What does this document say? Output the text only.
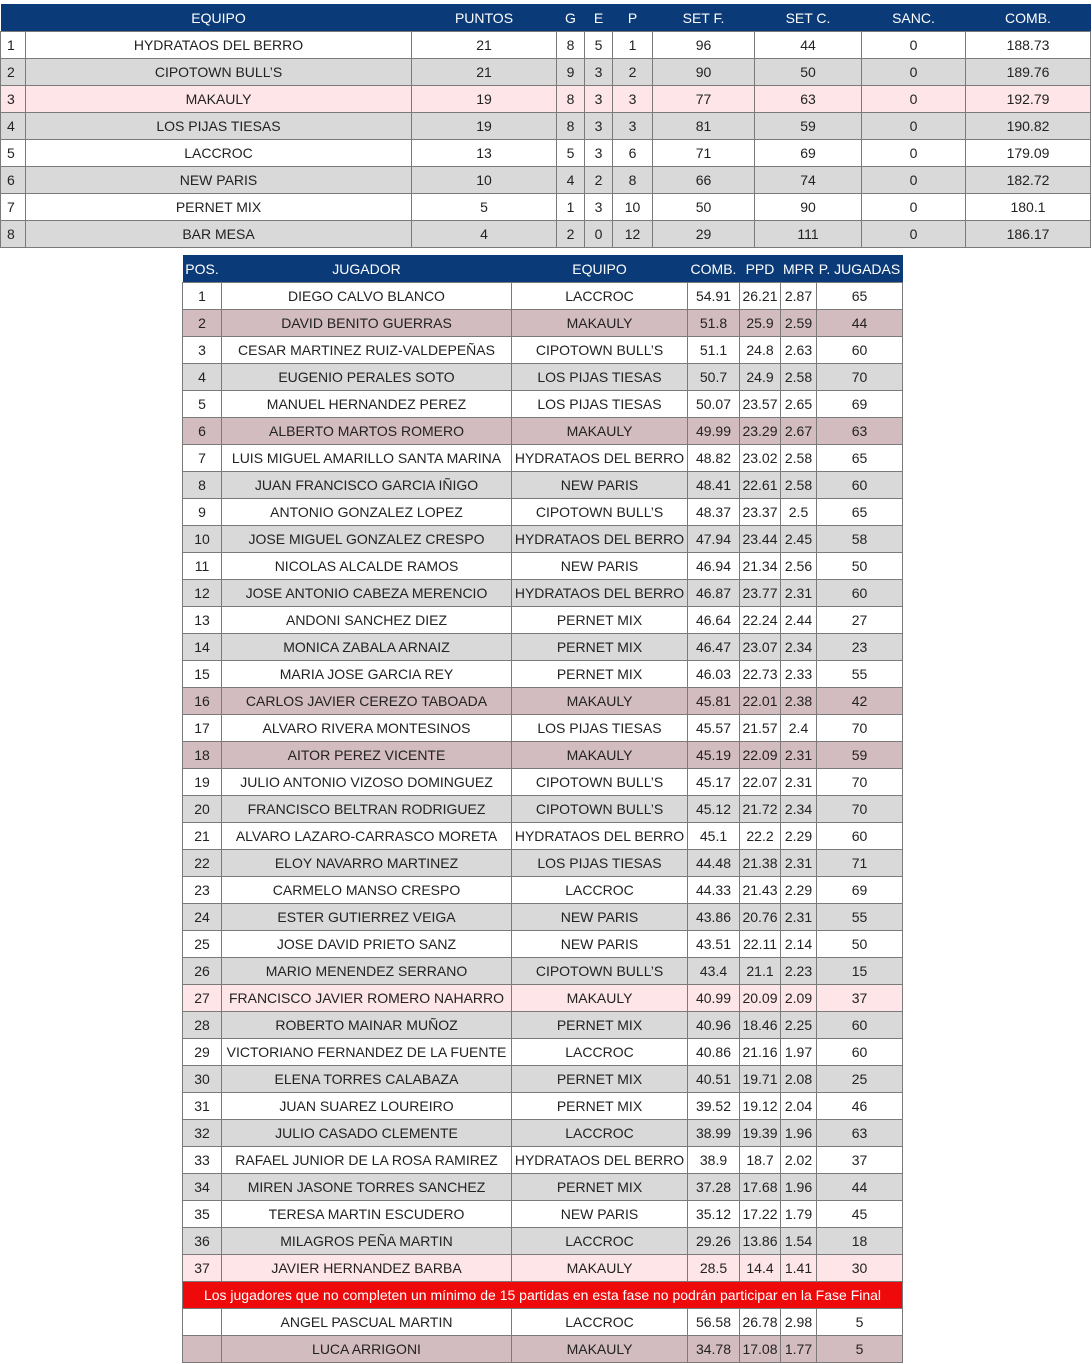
	EQUIPO	PUNTOS	G	E	P	SET F.	SET C.	SANC.	COMB.
1	HYDRATAOS DEL BERRO	21	8	5	1	96	44	0	188.73
2	CIPOTOWN BULL’S	21	9	3	2	90	50	0	189.76
3	MAKAULY	19	8	3	3	77	63	0	192.79
4	LOS PIJAS TIESAS	19	8	3	3	81	59	0	190.82
5	LACCROC	13	5	3	6	71	69	0	179.09
6	NEW PARIS	10	4	2	8	66	74	0	182.72
7	PERNET MIX	5	1	3	10	50	90	0	180.1
8	BAR MESA	4	2	0	12	29	111	0	186.17
POS.	JUGADOR	EQUIPO	COMB.	PPD	MPR	P. JUGADAS
1	DIEGO CALVO BLANCO	LACCROC	54.91	26.21	2.87	65
2	DAVID BENITO GUERRAS	MAKAULY	51.8	25.9	2.59	44
3	CESAR MARTINEZ RUIZ-VALDEPEÑAS	CIPOTOWN BULL’S	51.1	24.8	2.63	60
4	EUGENIO PERALES SOTO	LOS PIJAS TIESAS	50.7	24.9	2.58	70
5	MANUEL HERNANDEZ PEREZ	LOS PIJAS TIESAS	50.07	23.57	2.65	69
6	ALBERTO MARTOS ROMERO	MAKAULY	49.99	23.29	2.67	63
7	LUIS MIGUEL AMARILLO SANTA MARINA	HYDRATAOS DEL BERRO	48.82	23.02	2.58	65
8	JUAN FRANCISCO GARCIA IÑIGO	NEW PARIS	48.41	22.61	2.58	60
9	ANTONIO GONZALEZ LOPEZ	CIPOTOWN BULL’S	48.37	23.37	2.5	65
10	JOSE MIGUEL GONZALEZ CRESPO	HYDRATAOS DEL BERRO	47.94	23.44	2.45	58
11	NICOLAS ALCALDE RAMOS	NEW PARIS	46.94	21.34	2.56	50
12	JOSE ANTONIO CABEZA MERENCIO	HYDRATAOS DEL BERRO	46.87	23.77	2.31	60
13	ANDONI SANCHEZ DIEZ	PERNET MIX	46.64	22.24	2.44	27
14	MONICA ZABALA ARNAIZ	PERNET MIX	46.47	23.07	2.34	23
15	MARIA JOSE GARCIA REY	PERNET MIX	46.03	22.73	2.33	55
16	CARLOS JAVIER CEREZO TABOADA	MAKAULY	45.81	22.01	2.38	42
17	ALVARO RIVERA MONTESINOS	LOS PIJAS TIESAS	45.57	21.57	2.4	70
18	AITOR PEREZ VICENTE	MAKAULY	45.19	22.09	2.31	59
19	JULIO ANTONIO VIZOSO DOMINGUEZ	CIPOTOWN BULL’S	45.17	22.07	2.31	70
20	FRANCISCO BELTRAN RODRIGUEZ	CIPOTOWN BULL’S	45.12	21.72	2.34	70
21	ALVARO LAZARO-CARRASCO MORETA	HYDRATAOS DEL BERRO	45.1	22.2	2.29	60
22	ELOY NAVARRO MARTINEZ	LOS PIJAS TIESAS	44.48	21.38	2.31	71
23	CARMELO MANSO CRESPO	LACCROC	44.33	21.43	2.29	69
24	ESTER GUTIERREZ VEIGA	NEW PARIS	43.86	20.76	2.31	55
25	JOSE DAVID PRIETO SANZ	NEW PARIS	43.51	22.11	2.14	50
26	MARIO MENENDEZ SERRANO	CIPOTOWN BULL’S	43.4	21.1	2.23	15
27	FRANCISCO JAVIER ROMERO NAHARRO	MAKAULY	40.99	20.09	2.09	37
28	ROBERTO MAINAR MUÑOZ	PERNET MIX	40.96	18.46	2.25	60
29	VICTORIANO FERNANDEZ DE LA FUENTE	LACCROC	40.86	21.16	1.97	60
30	ELENA TORRES CALABAZA	PERNET MIX	40.51	19.71	2.08	25
31	JUAN SUAREZ LOUREIRO	PERNET MIX	39.52	19.12	2.04	46
32	JULIO CASADO CLEMENTE	LACCROC	38.99	19.39	1.96	63
33	RAFAEL JUNIOR DE LA ROSA RAMIREZ	HYDRATAOS DEL BERRO	38.9	18.7	2.02	37
34	MIREN JASONE TORRES SANCHEZ	PERNET MIX	37.28	17.68	1.96	44
35	TERESA MARTIN ESCUDERO	NEW PARIS	35.12	17.22	1.79	45
36	MILAGROS PEÑA MARTIN	LACCROC	29.26	13.86	1.54	18
37	JAVIER HERNANDEZ BARBA	MAKAULY	28.5	14.4	1.41	30
Los jugadores que no completen un mínimo de 15 partidas en esta fase no podrán participar en la Fase Final						
	ANGEL PASCUAL MARTIN	LACCROC	56.58	26.78	2.98	5
	LUCA ARRIGONI	MAKAULY	34.78	17.08	1.77	5
